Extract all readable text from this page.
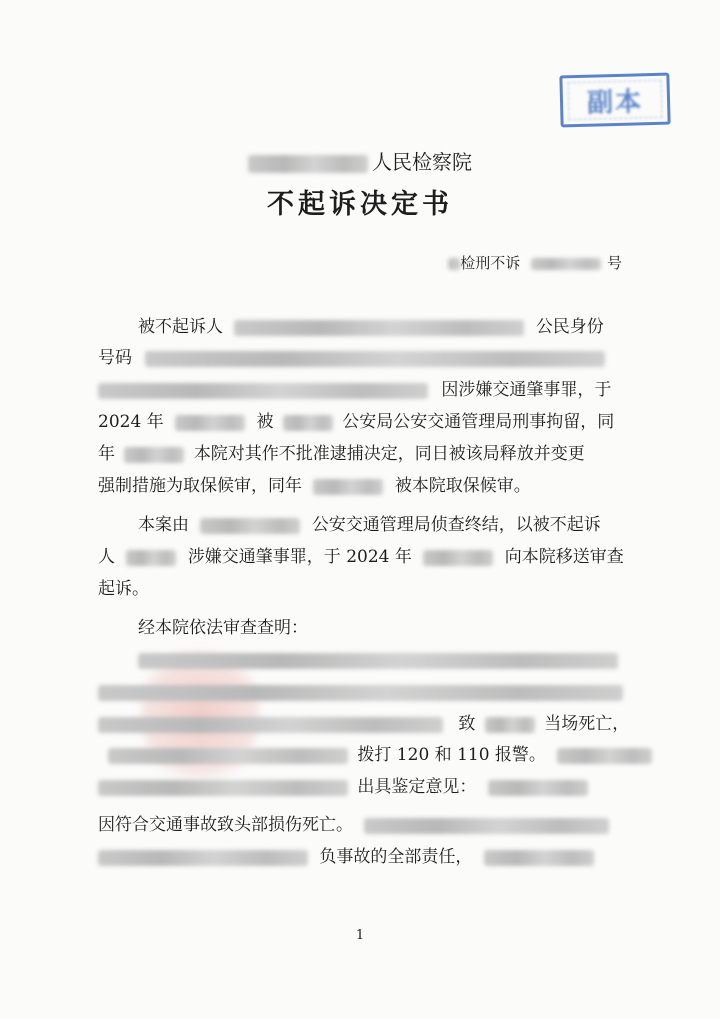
副本
人民检察院
不起诉决定书
检刑不诉	号
被不起诉人	公民身份
号码
因涉嫌交通肇事罪，于
2024 年	被	公安局公安交通管理局刑事拘留，同
年	本院对其作不批准逮捕决定，同日被该局释放并变更
强制措施为取保候审，同年	被本院取保候审。
本案由	公安交通管理局侦查终结，以被不起诉
人	涉嫌交通肇事罪，于 2024 年	向本院移送审查
起诉。
经本院依法审查查明：
致	当场死亡，
拨打 120 和 110 报警。
出具鉴定意见：
因符合交通事故致头部损伤死亡。
负事故的全部责任，
1
